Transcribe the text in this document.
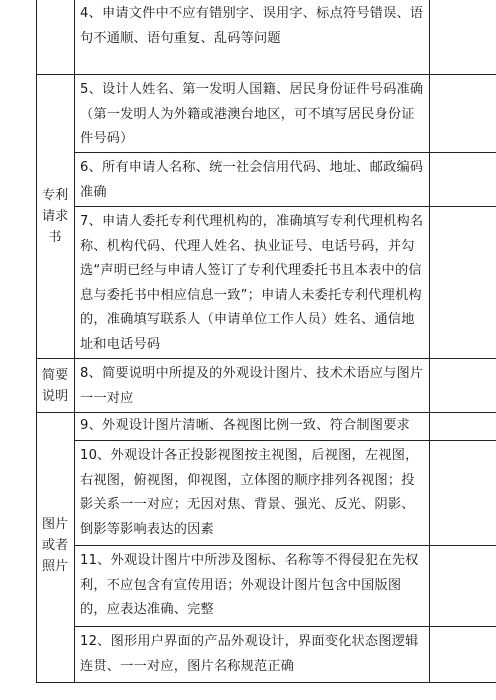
专利请求书
简要说明
图片或者照片
4、申请文件中不应有错别字、误用字、标点符号错误、语句不通顺、语句重复、乱码等问题
5、设计人姓名、第一发明人国籍、居民身份证件号码准确（第一发明人为外籍或港澳台地区，可不填写居民身份证件号码）
6、所有申请人名称、统一社会信用代码、地址、邮政编码准确
7、申请人委托专利代理机构的，准确填写专利代理机构名称、机构代码、代理人姓名、执业证号、电话号码，并勾选“声明已经与申请人签订了专利代理委托书且本表中的信息与委托书中相应信息一致”；申请人未委托专利代理机构的，准确填写联系人（申请单位工作人员）姓名、通信地址和电话号码
8、简要说明中所提及的外观设计图片、技术术语应与图片一一对应
9、外观设计图片清晰、各视图比例一致、符合制图要求
10、外观设计各正投影视图按主视图，后视图，左视图，右视图，俯视图，仰视图，立体图的顺序排列各视图；投影关系一一对应；无因对焦、背景、强光、反光、阴影、倒影等影响表达的因素
11、外观设计图片中所涉及图标、名称等不得侵犯在先权利，不应包含有宣传用语；外观设计图片包含中国版图的，应表达准确、完整
12、图形用户界面的产品外观设计，界面变化状态图逻辑连贯、一一对应，图片名称规范正确
